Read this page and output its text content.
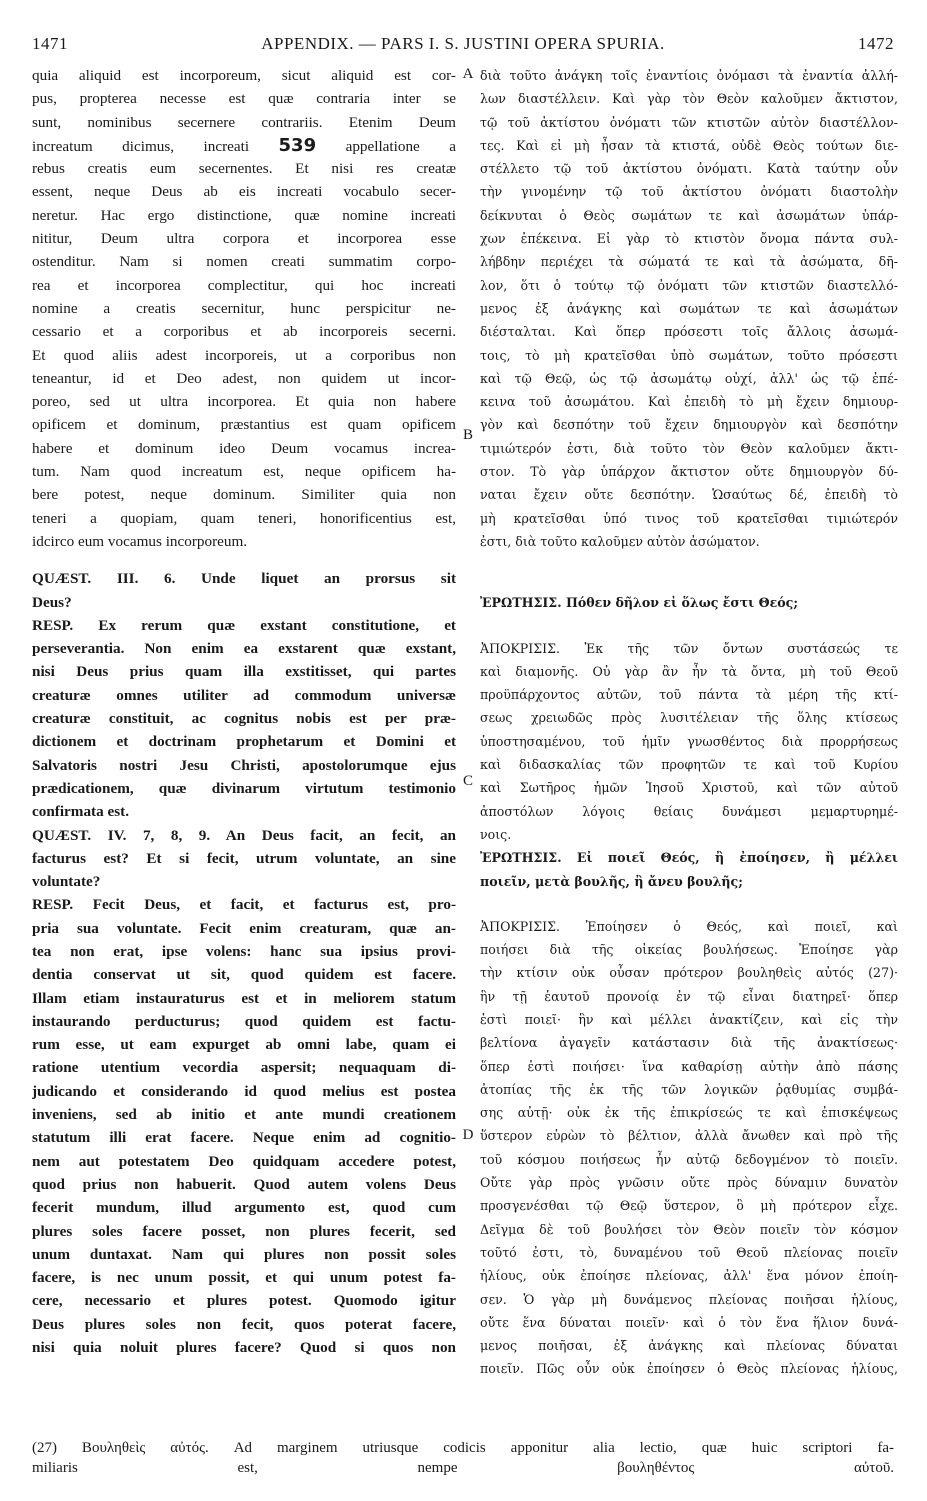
1471	APPENDIX. — PARS I. S. JUSTINI OPERA SPURIA.	1472
A
B
C
D
quia aliquid est incorporeum, sicut aliquid est cor-
pus, propterea necesse est quæ contraria inter se
sunt, nominibus secernere contrariis. Etenim Deum
increatum dicimus, increati 539 appellatione a
rebus creatis eum secernentes. Et nisi res creatæ
essent, neque Deus ab eis increati vocabulo secer-
neretur. Hac ergo distinctione, quæ nomine increati
nititur, Deum ultra corpora et incorporea esse
ostenditur. Nam si nomen creati summatim corpo-
rea et incorporea complectitur, qui hoc increati
nomine a creatis secernitur, hunc perspicitur ne-
cessario et a corporibus et ab incorporeis secerni.
Et quod aliis adest incorporeis, ut a corporibus non
teneantur, id et Deo adest, non quidem ut incor-
poreo, sed ut ultra incorporea. Et quia non habere
opificem et dominum, præstantius est quam opificem
habere et dominum ideo Deum vocamus increa-
tum. Nam quod increatum est, neque opificem ha-
bere potest, neque dominum. Similiter quia non
teneri a quopiam, quam teneri, honorificentius est,
idcirco eum vocamus incorporeum.
QUÆST. III. 6. Unde liquet an prorsus sit
Deus?
RESP. Ex rerum quæ exstant constitutione, et
perseverantia. Non enim ea exstarent quæ exstant,
nisi Deus prius quam illa exstitisset, qui partes
creaturæ omnes utiliter ad commodum universæ
creaturæ constituit, ac cognitus nobis est per præ-
dictionem et doctrinam prophetarum et Domini et
Salvatoris nostri Jesu Christi, apostolorumque ejus
prædicationem, quæ divinarum virtutum testimonio
confirmata est.
QUÆST. IV. 7, 8, 9. An Deus facit, an fecit, an
facturus est? Et si fecit, utrum voluntate, an sine
voluntate?
RESP. Fecit Deus, et facit, et facturus est, pro-
pria sua voluntate. Fecit enim creaturam, quæ an-
tea non erat, ipse volens: hanc sua ipsius provi-
dentia conservat ut sit, quod quidem est facere.
Illam etiam instauraturus est et in meliorem statum
instaurando perducturus; quod quidem est factu-
rum esse, ut eam expurget ab omni labe, quam ei
ratione utentium vecordia aspersit; nequaquam di-
judicando et considerando id quod melius est postea
inveniens, sed ab initio et ante mundi creationem
statutum illi erat facere. Neque enim ad cognitio-
nem aut potestatem Deo quidquam accedere potest,
quod prius non habuerit. Quod autem volens Deus
fecerit mundum, illud argumento est, quod cum
plures soles facere posset, non plures fecerit, sed
unum duntaxat. Nam qui plures non possit soles
facere, is nec unum possit, et qui unum potest fa-
cere, necessario et plures potest. Quomodo igitur
Deus plures soles non fecit, quos poterat facere,
nisi quia noluit plures facere? Quod si quos non
διὰ τοῦτο ἀνάγκη τοῖς ἐναντίοις ὀνόμασι τὰ ἐναντία ἀλλή-
λων διαστέλλειν. Καὶ γὰρ τὸν Θεὸν καλοῦμεν ἄκτιστον,
τῷ τοῦ ἀκτίστου ὀνόματι τῶν κτιστῶν αὐτὸν διαστέλλον-
τες. Καὶ εἰ μὴ ἦσαν τὰ κτιστά, οὐδὲ Θεὸς τούτων διε-
στέλλετο τῷ τοῦ ἀκτίστου ὀνόματι. Κατὰ ταύτην οὖν
τὴν γινομένην τῷ τοῦ ἀκτίστου ὀνόματι διαστολὴν
δείκνυται ὁ Θεὸς σωμάτων τε καὶ ἀσωμάτων ὑπάρ-
χων ἐπέκεινα. Εἰ γὰρ τὸ κτιστὸν ὄνομα πάντα συλ-
λήβδην περιέχει τὰ σώματά τε καὶ τὰ ἀσώματα, δῆ-
λον, ὅτι ὁ τούτῳ τῷ ὀνόματι τῶν κτιστῶν διαστελλό-
μενος ἐξ ἀνάγκης καὶ σωμάτων τε καὶ ἀσωμάτων
διέσταλται. Καὶ ὅπερ πρόσεστι τοῖς ἄλλοις ἀσωμά-
τοις, τὸ μὴ κρατεῖσθαι ὑπὸ σωμάτων, τοῦτο πρόσεστι
καὶ τῷ Θεῷ, ὡς τῷ ἀσωμάτῳ οὐχί, ἀλλ' ὡς τῷ ἐπέ-
κεινα τοῦ ἀσωμάτου. Καὶ ἐπειδὴ τὸ μὴ ἔχειν δημιουρ-
γὸν καὶ δεσπότην τοῦ ἔχειν δημιουργὸν καὶ δεσπότην
τιμιώτερόν ἐστι, διὰ τοῦτο τὸν Θεὸν καλοῦμεν ἄκτι-
στον. Τὸ γὰρ ὑπάρχον ἄκτιστον οὔτε δημιουργὸν δύ-
ναται ἔχειν οὔτε δεσπότην. Ὡσαύτως δέ, ἐπειδὴ τὸ
μὴ κρατεῖσθαι ὑπό τινος τοῦ κρατεῖσθαι τιμιώτερόν
ἐστι, διὰ τοῦτο καλοῦμεν αὐτὸν ἀσώματον.
ἘΡΩΤΗΣΙΣ. Πόθεν δῆλον εἰ ὅλως ἔστι Θεός;
ἈΠΟΚΡΙΣΙΣ. Ἐκ τῆς τῶν ὄντων συστάσεώς τε
καὶ διαμονῆς. Οὐ γὰρ ἂν ἦν τὰ ὄντα, μὴ τοῦ Θεοῦ
προϋπάρχοντος αὐτῶν, τοῦ πάντα τὰ μέρη τῆς κτί-
σεως χρειωδῶς πρὸς λυσιτέλειαν τῆς ὅλης κτίσεως
ὑποστησαμένου, τοῦ ἡμῖν γνωσθέντος διὰ προρρήσεως
καὶ διδασκαλίας τῶν προφητῶν τε καὶ τοῦ Κυρίου
καὶ Σωτῆρος ἡμῶν Ἰησοῦ Χριστοῦ, καὶ τῶν αὐτοῦ
ἀποστόλων λόγοις θείαις δυνάμεσι μεμαρτυρημέ-
νοις.
ἘΡΩΤΗΣΙΣ. Εἰ ποιεῖ Θεός, ἢ ἐποίησεν, ἢ μέλλει
ποιεῖν, μετὰ βουλῆς, ἢ ἄνευ βουλῆς;
ἈΠΟΚΡΙΣΙΣ. Ἐποίησεν ὁ Θεός, καὶ ποιεῖ, καὶ
ποιήσει διὰ τῆς οἰκείας βουλήσεως. Ἐποίησε γὰρ
τὴν κτίσιν οὐκ οὖσαν πρότερον βουληθεὶς αὐτός (27)·
ἣν τῇ ἑαυτοῦ προνοίᾳ ἐν τῷ εἶναι διατηρεῖ· ὅπερ
ἐστὶ ποιεῖ· ἣν καὶ μέλλει ἀνακτίζειν, καὶ εἰς τὴν
βελτίονα ἀγαγεῖν κατάστασιν διὰ τῆς ἀνακτίσεως·
ὅπερ ἐστὶ ποιήσει· ἵνα καθαρίσῃ αὐτὴν ἀπὸ πάσης
ἀτοπίας τῆς ἐκ τῆς τῶν λογικῶν ῥᾳθυμίας συμβά-
σης αὐτῇ· οὐκ ἐκ τῆς ἐπικρίσεώς τε καὶ ἐπισκέψεως
ὕστερον εὑρὼν τὸ βέλτιον, ἀλλὰ ἄνωθεν καὶ πρὸ τῆς
τοῦ κόσμου ποιήσεως ἦν αὐτῷ δεδογμένον τὸ ποιεῖν.
Οὔτε γὰρ πρὸς γνῶσιν οὔτε πρὸς δύναμιν δυνατὸν
προσγενέσθαι τῷ Θεῷ ὕστερον, ὃ μὴ πρότερον εἶχε.
Δεῖγμα δὲ τοῦ βουλήσει τὸν Θεὸν ποιεῖν τὸν κόσμον
τοῦτό ἐστι, τὸ, δυναμένου τοῦ Θεοῦ πλείονας ποιεῖν
ἡλίους, οὐκ ἐποίησε πλείονας, ἀλλ' ἕνα μόνον ἐποίη-
σεν. Ὁ γὰρ μὴ δυνάμενος πλείονας ποιῆσαι ἡλίους,
οὔτε ἕνα δύναται ποιεῖν· καὶ ὁ τὸν ἕνα ἥλιον δυνά-
μενος ποιῆσαι, ἐξ ἀνάγκης καὶ πλείονας δύναται
ποιεῖν. Πῶς οὖν οὐκ ἐποίησεν ὁ Θεὸς πλείονας ἡλίους,
(27) Βουληθεὶς αὐτός. Ad marginem utriusque codicis apponitur alia lectio, quæ huic scriptori fa-
miliaris est, nempe βουληθέντος αὐτοῦ.
